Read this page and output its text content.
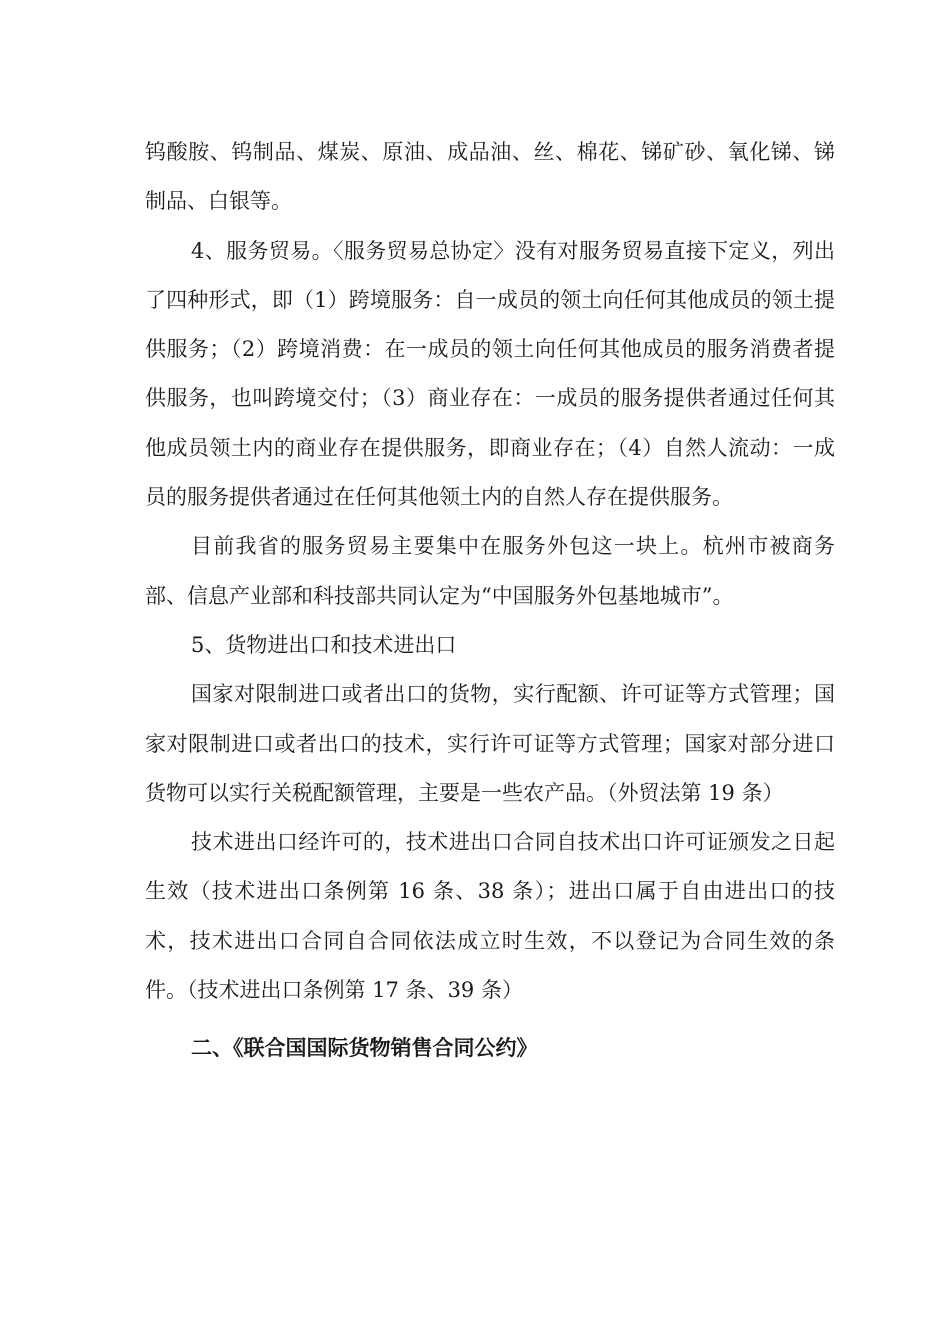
钨酸胺、钨制品、煤炭、原油、成品油、丝、棉花、锑矿砂、氧化锑、锑制品、白银等。

4、服务贸易。〈服务贸易总协定〉没有对服务贸易直接下定义，列出了四种形式，即（1）跨境服务：自一成员的领土向任何其他成员的领土提供服务；（2）跨境消费：在一成员的领土向任何其他成员的服务消费者提供服务，也叫跨境交付；（3）商业存在：一成员的服务提供者通过任何其他成员领土内的商业存在提供服务，即商业存在；（4）自然人流动：一成员的服务提供者通过在任何其他领土内的自然人存在提供服务。

目前我省的服务贸易主要集中在服务外包这一块上。杭州市被商务部、信息产业部和科技部共同认定为“中国服务外包基地城市”。

5、货物进出口和技术进出口

国家对限制进口或者出口的货物，实行配额、许可证等方式管理；国家对限制进口或者出口的技术，实行许可证等方式管理；国家对部分进口货物可以实行关税配额管理，主要是一些农产品。（外贸法第 19 条）

技术进出口经许可的，技术进出口合同自技术出口许可证颁发之日起生效（技术进出口条例第 16 条、38 条）；进出口属于自由进出口的技术，技术进出口合同自合同依法成立时生效，不以登记为合同生效的条件。（技术进出口条例第 17 条、39 条）

二、《联合国国际货物销售合同公约》
